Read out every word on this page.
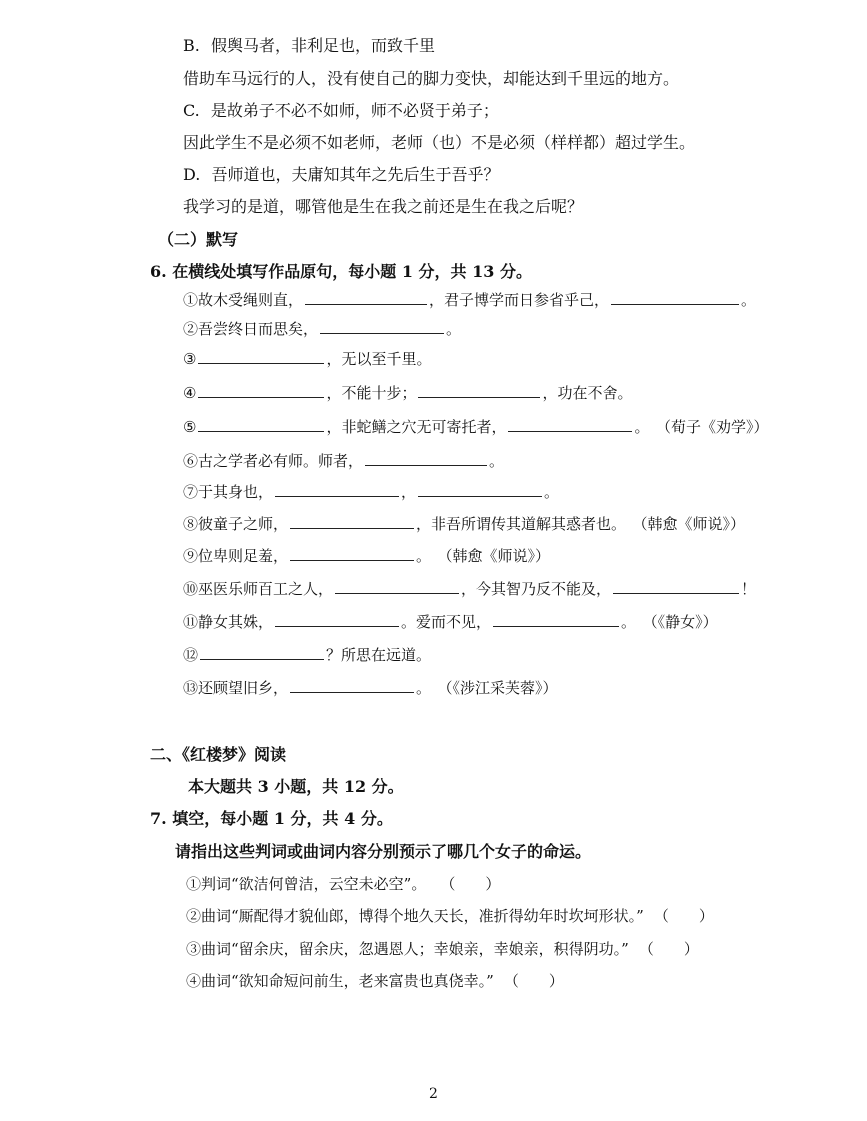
B. 假舆马者，非利足也，而致千里
借助车马远行的人，没有使自己的脚力变快，却能达到千里远的地方。
C. 是故弟子不必不如师，师不必贤于弟子；
因此学生不是必须不如老师，老师（也）不是必须（样样都）超过学生。
D. 吾师道也，夫庸知其年之先后生于吾乎？
我学习的是道，哪管他是生在我之前还是生在我之后呢？
（二）默写
6. 在横线处填写作品原句，每小题 1 分，共 13 分。
①故木受绳则直，	，君子博学而日参省乎己，	。
②吾尝终日而思矣，	。
③	，无以至千里。
④	，不能十步；	，功在不舍。
⑤	，非蛇鳝之穴无可寄托者，	。 （荀子《劝学》）
⑥古之学者必有师。师者，	。
⑦于其身也，	，	。
⑧彼童子之师，	，非吾所谓传其道解其惑者也。 （韩愈《师说》）
⑨位卑则足羞，	。 （韩愈《师说》）
⑩巫医乐师百工之人，	，今其智乃反不能及，	！
⑪静女其姝，	。爱而不见，	。 （《静女》）
⑫	？所思在远道。
⑬还顾望旧乡，	。 （《涉江采芙蓉》）
二、《红楼梦》阅读
本大题共 3 小题，共 12 分。
7. 填空，每小题 1 分，共 4 分。
请指出这些判词或曲词内容分别预示了哪几个女子的命运。
①判词“欲洁何曾洁，云空未必空”。 （　　）
②曲词“厮配得才貌仙郎，博得个地久天长，准折得幼年时坎坷形状。” （　　）
③曲词“留余庆，留余庆，忽遇恩人；幸娘亲，幸娘亲，积得阴功。” （　　）
④曲词“欲知命短问前生，老来富贵也真侥幸。” （　　）
2
